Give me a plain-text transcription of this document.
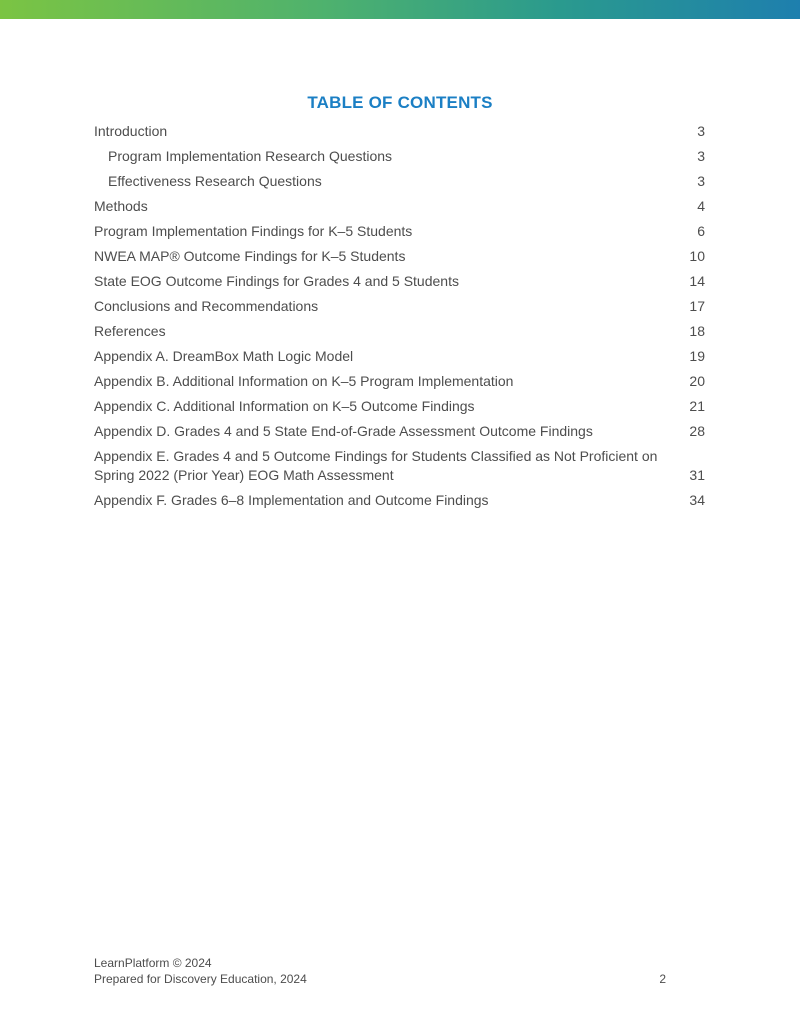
TABLE OF CONTENTS
Introduction	3
Program Implementation Research Questions	3
Effectiveness Research Questions	3
Methods	4
Program Implementation Findings for K–5 Students	6
NWEA MAP® Outcome Findings for K–5 Students	10
State EOG Outcome Findings for Grades 4 and 5 Students	14
Conclusions and Recommendations	17
References	18
Appendix A. DreamBox Math Logic Model	19
Appendix B. Additional Information on K–5 Program Implementation	20
Appendix C. Additional Information on K–5 Outcome Findings	21
Appendix D. Grades 4 and 5 State End-of-Grade Assessment Outcome Findings	28
Appendix E. Grades 4 and 5 Outcome Findings for Students Classified as Not Proficient on Spring 2022 (Prior Year) EOG Math Assessment	31
Appendix F. Grades 6–8 Implementation and Outcome Findings	34
LearnPlatform © 2024
Prepared for Discovery Education, 2024	2
